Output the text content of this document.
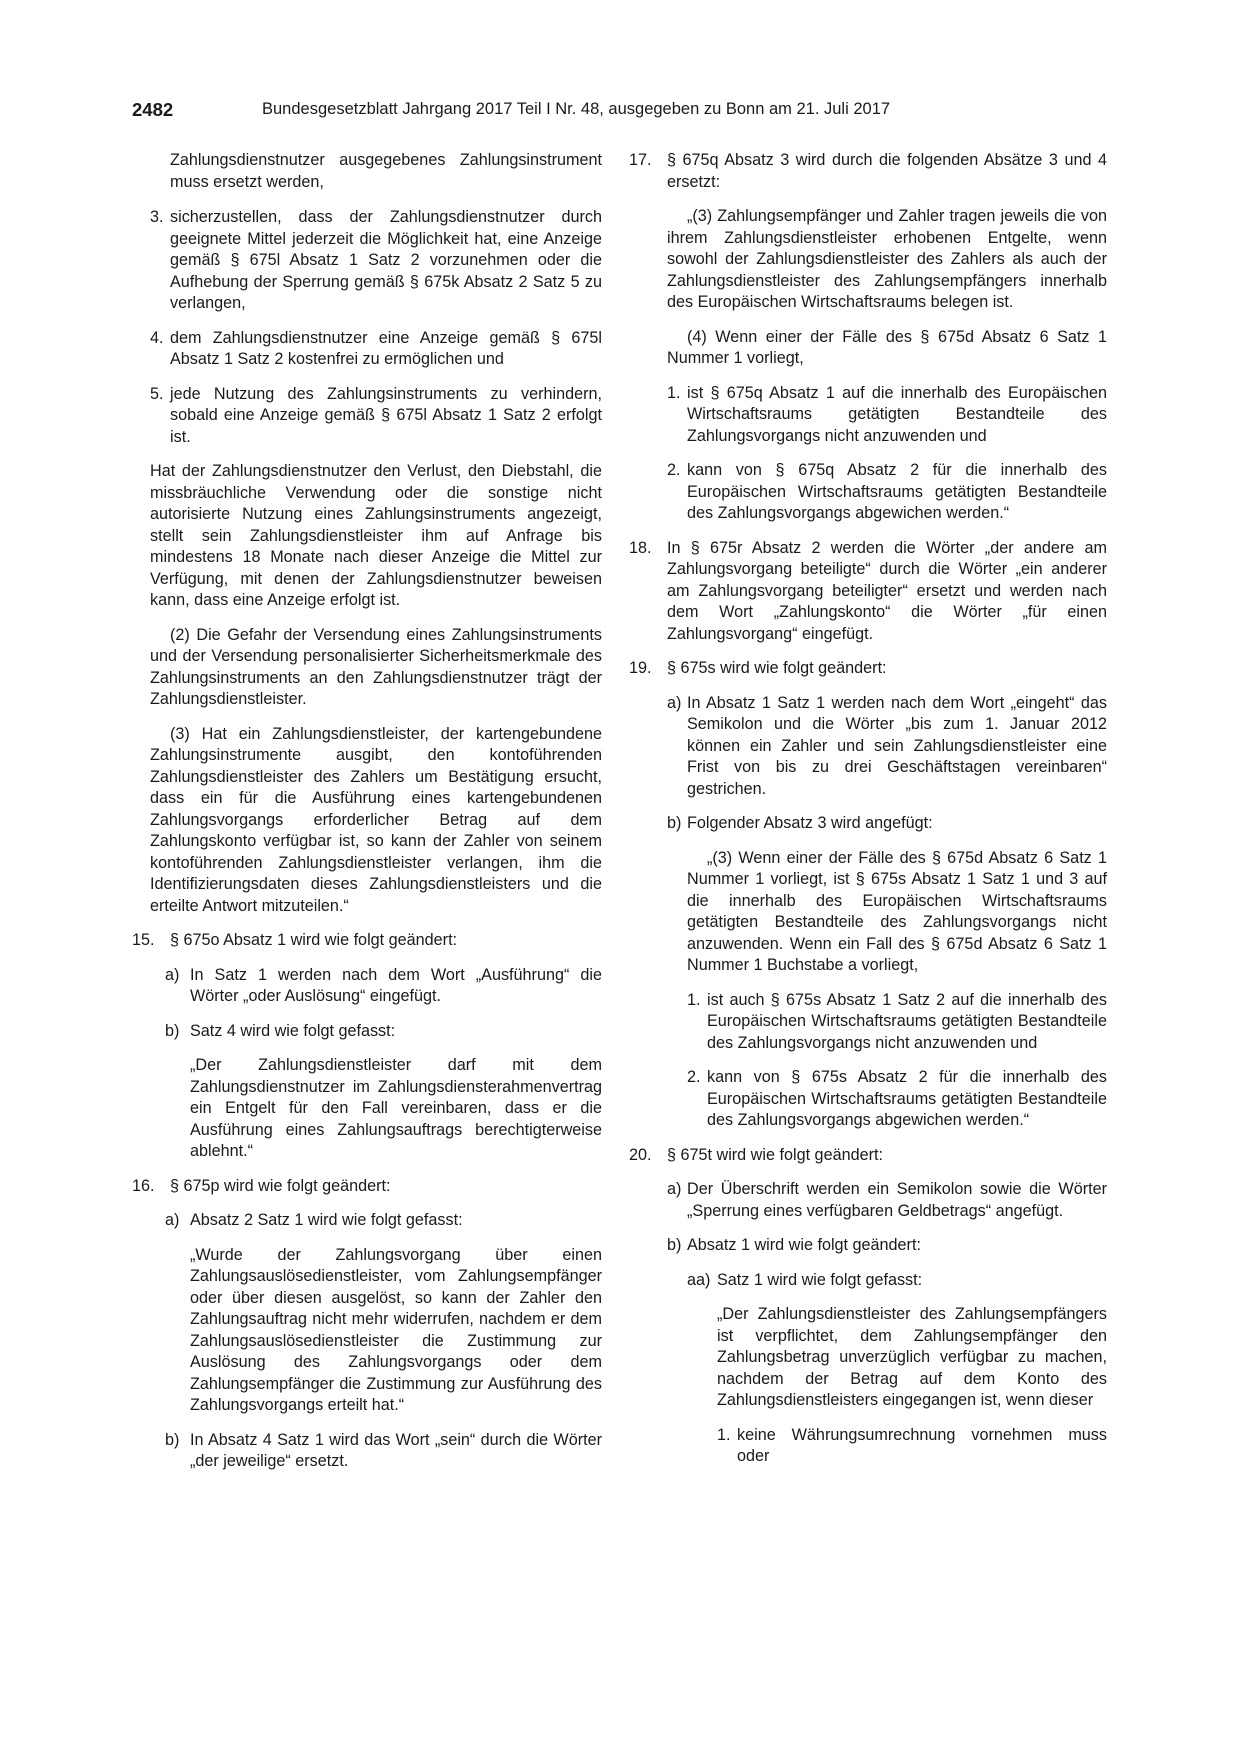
2482	Bundesgesetzblatt Jahrgang 2017 Teil I Nr. 48, ausgegeben zu Bonn am 21. Juli 2017
Zahlungsdienstnutzer ausgegebenes Zahlungsinstrument muss ersetzt werden,
3. sicherzustellen, dass der Zahlungsdienstnutzer durch geeignete Mittel jederzeit die Möglichkeit hat, eine Anzeige gemäß § 675l Absatz 1 Satz 2 vorzunehmen oder die Aufhebung der Sperrung gemäß § 675k Absatz 2 Satz 5 zu verlangen,
4. dem Zahlungsdienstnutzer eine Anzeige gemäß § 675l Absatz 1 Satz 2 kostenfrei zu ermöglichen und
5. jede Nutzung des Zahlungsinstruments zu verhindern, sobald eine Anzeige gemäß § 675l Absatz 1 Satz 2 erfolgt ist.
Hat der Zahlungsdienstnutzer den Verlust, den Diebstahl, die missbräuchliche Verwendung oder die sonstige nicht autorisierte Nutzung eines Zahlungsinstruments angezeigt, stellt sein Zahlungsdienstleister ihm auf Anfrage bis mindestens 18 Monate nach dieser Anzeige die Mittel zur Verfügung, mit denen der Zahlungsdienstnutzer beweisen kann, dass eine Anzeige erfolgt ist.
(2) Die Gefahr der Versendung eines Zahlungsinstruments und der Versendung personalisierter Sicherheitsmerkmale des Zahlungsinstruments an den Zahlungsdienstnutzer trägt der Zahlungsdienstleister.
(3) Hat ein Zahlungsdienstleister, der kartengebundene Zahlungsinstrumente ausgibt, den kontoführenden Zahlungsdienstleister des Zahlers um Bestätigung ersucht, dass ein für die Ausführung eines kartengebundenen Zahlungsvorgangs erforderlicher Betrag auf dem Zahlungskonto verfügbar ist, so kann der Zahler von seinem kontoführenden Zahlungsdienstleister verlangen, ihm die Identifizierungsdaten dieses Zahlungsdienstleisters und die erteilte Antwort mitzuteilen.“
15. § 675o Absatz 1 wird wie folgt geändert:
a) In Satz 1 werden nach dem Wort „Ausführung“ die Wörter „oder Auslösung“ eingefügt.
b) Satz 4 wird wie folgt gefasst:
„Der Zahlungsdienstleister darf mit dem Zahlungsdienstnutzer im Zahlungsdiensterahmenvertrag ein Entgelt für den Fall vereinbaren, dass er die Ausführung eines Zahlungsauftrags berechtigterweise ablehnt.“
16. § 675p wird wie folgt geändert:
a) Absatz 2 Satz 1 wird wie folgt gefasst:
„Wurde der Zahlungsvorgang über einen Zahlungsauslösedienstleister, vom Zahlungsempfänger oder über diesen ausgelöst, so kann der Zahler den Zahlungsauftrag nicht mehr widerrufen, nachdem er dem Zahlungsauslösedienstleister die Zustimmung zur Auslösung des Zahlungsvorgangs oder dem Zahlungsempfänger die Zustimmung zur Ausführung des Zahlungsvorgangs erteilt hat.“
b) In Absatz 4 Satz 1 wird das Wort „sein“ durch die Wörter „der jeweilige“ ersetzt.
17. § 675q Absatz 3 wird durch die folgenden Absätze 3 und 4 ersetzt:
„(3) Zahlungsempfänger und Zahler tragen jeweils die von ihrem Zahlungsdienstleister erhobenen Entgelte, wenn sowohl der Zahlungsdienstleister des Zahlers als auch der Zahlungsdienstleister des Zahlungsempfängers innerhalb des Europäischen Wirtschaftsraums belegen ist.
(4) Wenn einer der Fälle des § 675d Absatz 6 Satz 1 Nummer 1 vorliegt,
1. ist § 675q Absatz 1 auf die innerhalb des Europäischen Wirtschaftsraums getätigten Bestandteile des Zahlungsvorgangs nicht anzuwenden und
2. kann von § 675q Absatz 2 für die innerhalb des Europäischen Wirtschaftsraums getätigten Bestandteile des Zahlungsvorgangs abgewichen werden.“
18. In § 675r Absatz 2 werden die Wörter „der andere am Zahlungsvorgang beteiligte“ durch die Wörter „ein anderer am Zahlungsvorgang beteiligter“ ersetzt und werden nach dem Wort „Zahlungskonto“ die Wörter „für einen Zahlungsvorgang“ eingefügt.
19. § 675s wird wie folgt geändert:
a) In Absatz 1 Satz 1 werden nach dem Wort „eingeht“ das Semikolon und die Wörter „bis zum 1. Januar 2012 können ein Zahler und sein Zahlungsdienstleister eine Frist von bis zu drei Geschäftstagen vereinbaren“ gestrichen.
b) Folgender Absatz 3 wird angefügt:
„(3) Wenn einer der Fälle des § 675d Absatz 6 Satz 1 Nummer 1 vorliegt, ist § 675s Absatz 1 Satz 1 und 3 auf die innerhalb des Europäischen Wirtschaftsraums getätigten Bestandteile des Zahlungsvorgangs nicht anzuwenden. Wenn ein Fall des § 675d Absatz 6 Satz 1 Nummer 1 Buchstabe a vorliegt,
1. ist auch § 675s Absatz 1 Satz 2 auf die innerhalb des Europäischen Wirtschaftsraums getätigten Bestandteile des Zahlungsvorgangs nicht anzuwenden und
2. kann von § 675s Absatz 2 für die innerhalb des Europäischen Wirtschaftsraums getätigten Bestandteile des Zahlungsvorgangs abgewichen werden.“
20. § 675t wird wie folgt geändert:
a) Der Überschrift werden ein Semikolon sowie die Wörter „Sperrung eines verfügbaren Geldbetrags“ angefügt.
b) Absatz 1 wird wie folgt geändert:
aa) Satz 1 wird wie folgt gefasst:
„Der Zahlungsdienstleister des Zahlungsempfängers ist verpflichtet, dem Zahlungsempfänger den Zahlungsbetrag unverzüglich verfügbar zu machen, nachdem der Betrag auf dem Konto des Zahlungsdienstleisters eingegangen ist, wenn dieser
1. keine Währungsumrechnung vornehmen muss oder
